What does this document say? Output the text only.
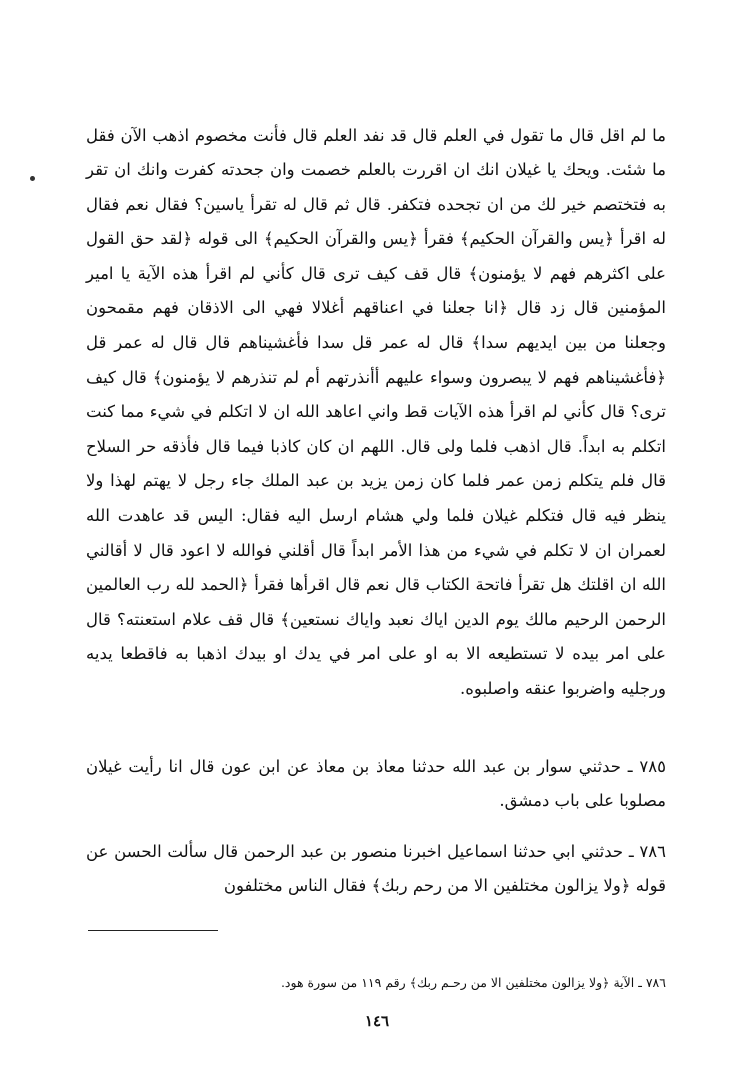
ما لم اقل قال ما تقول في العلم قال قد نفد العلم قال فأنت مخصوم اذهب الآن فقل ما شئت. ويحك يا غيلان انك ان اقررت بالعلم خصمت وان جحدته كفرت وانك ان تقر به فتختصم خير لك من ان تجحده فتكفر. قال ثم قال له تقرأ ياسين؟ فقال نعم فقال له اقرأ ﴿يس والقرآن الحكيم﴾ فقرأ ﴿يس والقرآن الحكيم﴾ الى قوله ﴿لقد حق القول على اكثرهم فهم لا يؤمنون﴾ قال قف كيف ترى قال كأني لم اقرأ هذه الآية يا امير المؤمنين قال زد قال ﴿انا جعلنا في اعناقهم أغلالا فهي الى الاذقان فهم مقمحون وجعلنا من بين ايديهم سدا﴾ قال له عمر قل سدا فأغشيناهم قال قال له عمر قل ﴿فأغشيناهم فهم لا يبصرون وسواء عليهم أأنذرتهم أم لم تنذرهم لا يؤمنون﴾ قال كيف ترى؟ قال كأني لم اقرأ هذه الآيات قط واني اعاهد الله ان لا اتكلم في شيء مما كنت اتكلم به ابداً. قال اذهب فلما ولى قال. اللهم ان كان كاذبا فيما قال فأذقه حر السلاح قال فلم يتكلم زمن عمر فلما كان زمن يزيد بن عبد الملك جاء رجل لا يهتم لهذا ولا ينظر فيه قال فتكلم غيلان فلما ولي هشام ارسل اليه فقال: اليس قد عاهدت الله لعمران ان لا تكلم في شيء من هذا الأمر ابداً قال أقلني فوالله لا اعود قال لا أقالني الله ان اقلتك هل تقرأ فاتحة الكتاب قال نعم قال اقرأها فقرأ ﴿الحمد لله رب العالمين الرحمن الرحيم مالك يوم الدين اياك نعبد واياك نستعين﴾ قال قف علام استعنته؟ قال على امر بيده لا تستطيعه الا به او على امر في يدك او بيدك اذهبا به فاقطعا يديه ورجليه واضربوا عنقه واصلبوه.

٧٨٥ ـ حدثني سوار بن عبد الله حدثنا معاذ بن معاذ عن ابن عون قال انا رأيت غيلان مصلوبا على باب دمشق.

٧٨٦ ـ حدثني ابي حدثنا اسماعيل اخبرنا منصور بن عبد الرحمن قال سألت الحسن عن قوله ﴿ولا يزالون مختلفين الا من رحم ربك﴾ فقال الناس مختلفون

٧٨٦ ـ الآية ﴿ولا يزالون مختلفين الا من رحـم ربك﴾ رقم ١١٩ من سورة هود.

١٤٦
